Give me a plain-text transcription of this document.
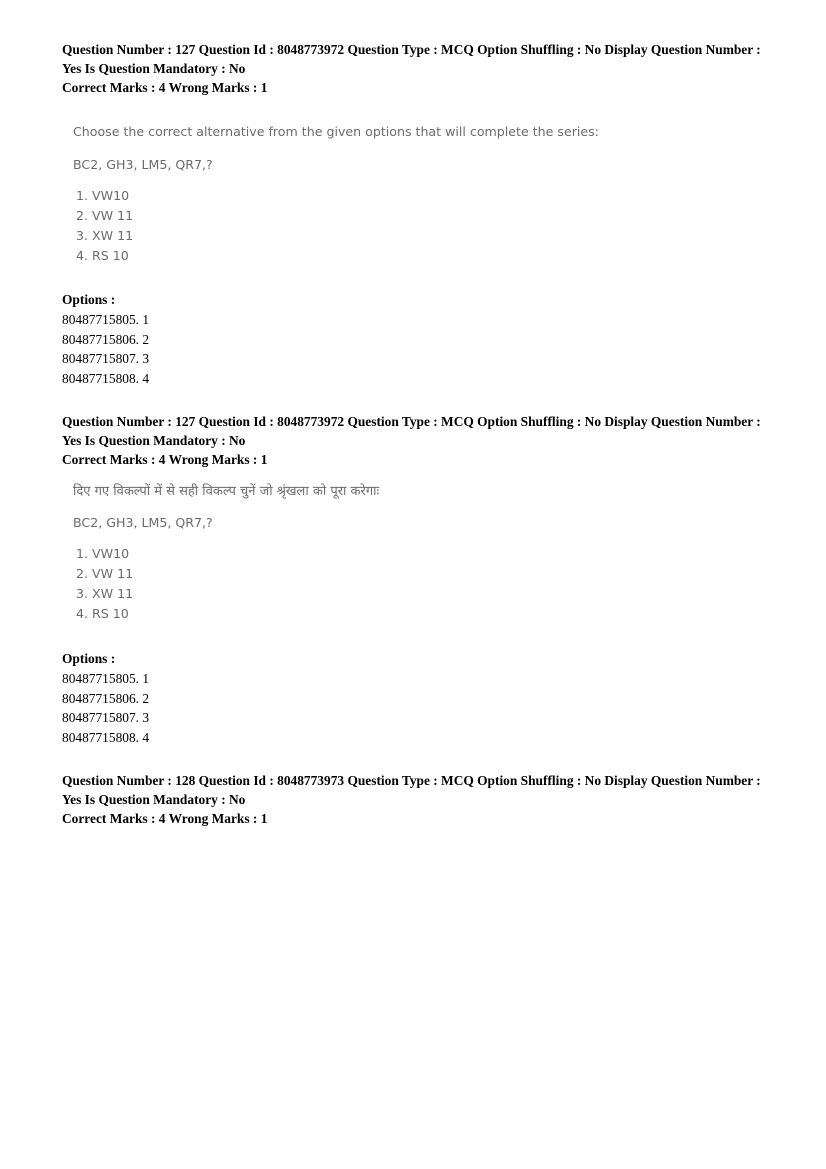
Question Number : 127 Question Id : 8048773972 Question Type : MCQ Option Shuffling : No Display Question Number :
Yes Is Question Mandatory : No
Correct Marks : 4 Wrong Marks : 1
Choose the correct alternative from the given options that will complete the series:
BC2, GH3, LM5, QR7,?
1. VW10
2. VW 11
3. XW 11
4. RS 10
Options :
80487715805. 1
80487715806. 2
80487715807. 3
80487715808. 4
Question Number : 127 Question Id : 8048773972 Question Type : MCQ Option Shuffling : No Display Question Number :
Yes Is Question Mandatory : No
Correct Marks : 4 Wrong Marks : 1
दिए गए विकल्पों में से सही विकल्प चुनें जो श्रृंखला को पूरा करेगाः
BC2, GH3, LM5, QR7,?
1. VW10
2. VW 11
3. XW 11
4. RS 10
Options :
80487715805. 1
80487715806. 2
80487715807. 3
80487715808. 4
Question Number : 128 Question Id : 8048773973 Question Type : MCQ Option Shuffling : No Display Question Number :
Yes Is Question Mandatory : No
Correct Marks : 4 Wrong Marks : 1
